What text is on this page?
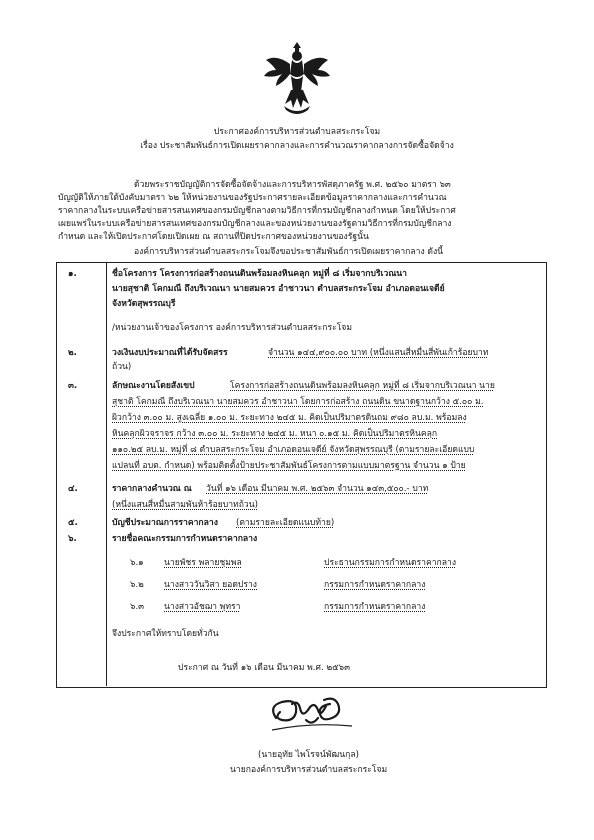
ประกาศองค์การบริหารส่วนตำบลสระกระโจม
เรื่อง ประชาสัมพันธ์การเปิดเผยราคากลางและการคำนวณราคากลางการจัดซื้อจัดจ้าง
ด้วยพระราชบัญญัติการจัดซื้อจัดจ้างและการบริหารพัสดุภาครัฐ พ.ศ. ๒๕๖๐ มาตรา ๖๓
บัญญัติให้ภายใต้บังคับมาตรา ๖๒ ให้หน่วยงานของรัฐประกาศรายละเอียดข้อมูลราคากลางและการคำนวณ
ราคากลางในระบบเครือข่ายสารสนเทศของกรมบัญชีกลางตามวิธีการที่กรมบัญชีกลางกำหนด โดยให้ประกาศ
เผยแพร่ในระบบเครือข่ายสารสนเทศของกรมบัญชีกลางและของหน่วยงานของรัฐตามวิธีการที่กรมบัญชีกลาง
กำหนด และให้เปิดประกาศโดยเปิดเผย ณ สถานที่ปิดประกาศของหน่วยงานของรัฐนั้น
องค์การบริหารส่วนตำบลสระกระโจมจึงขอประชาสัมพันธ์การเปิดเผยราคากลาง ดังนี้
๑.	ชื่อโครงการ โครงการก่อสร้างถนนดินพร้อมลงหินคลุก หมู่ที่ ๘ เริ่มจากบริเวณนา
นายสุชาติ โคกมณี ถึงบริเวณนา นายสมควร อำชาวนา ตำบลสระกระโจม อำเภอดอนเจดีย์
จังหวัดสุพรรณบุรี
/หน่วยงานเจ้าของโครงการ องค์การบริหารส่วนตำบลสระกระโจม
๒.	วงเงินงบประมาณที่ได้รับจัดสรร	จำนวน ๑๔๔,๙๐๐.๐๐ บาท (หนึ่งแสนสี่หมื่นสี่พันเก้าร้อยบาท
ถ้วน)
๓.	ลักษณะงานโดยสังเขป	โครงการก่อสร้างถนนดินพร้อมลงหินคลุก หมู่ที่ ๘ เริ่มจากบริเวณนา นาย
สุชาติ โคกมณี ถึงบริเวณนา นายสมควร อำชาวนา โดยการก่อสร้าง ถนนดิน ขนาดฐานกว้าง ๕.๐๐ ม.
ผิวกว้าง ๓.๐๐ ม. สูงเฉลี่ย ๑.๐๐ ม. ระยะทาง ๒๔๕ ม. คิดเป็นปริมาตรดินถม ๙๘๐ ลบ.ม. พร้อมลง
หินคลุกผิวจราจร กว้าง ๓.๐๐ ม. ระยะทาง ๒๔๕ ม. หนา ๐.๑๕ ม. คิดเป็นปริมาตรหินคลุก
๑๑๐.๒๕ ลบ.ม. หมู่ที่ ๘ ตำบลสระกระโจม อำเภอดอนเจดีย์ จังหวัดสุพรรณบุรี (ตามรายละเอียดแบบ
แปลนที่ อบต. กำหนด) พร้อมติดตั้งป้ายประชาสัมพันธ์โครงการตามแบบมาตรฐาน จำนวน ๑ ป้าย
๔.	ราคากลางคำนวณ ณ วันที่ ๑๖ เดือน มีนาคม พ.ศ. ๒๕๖๓ จำนวน ๑๔๓,๕๐๐.- บาท
(หนึ่งแสนสี่หมื่นสามพันห้าร้อยบาทถ้วน)
๕.	บัญชีประมาณการราคากลาง (ตามรายละเอียดแนบท้าย)
๖.	รายชื่อคณะกรรมการกำหนดราคากลาง
๖.๑ นายพัชร พลายชุมพล	ประธานกรรมการกำหนดราคากลาง
๖.๒ นางสาววันวิสา ยอดปราง	กรรมการกำหนดราคากลาง
๖.๓ นางสาวอัชฌา พุทรา	กรรมการกำหนดราคากลาง
จึงประกาศให้ทราบโดยทั่วกัน
ประกาศ ณ วันที่ ๑๖ เดือน มีนาคม พ.ศ. ๒๕๖๓
(นายอุทัย ไพโรจน์พัฒนกุล)
นายกองค์การบริหารส่วนตำบลสระกระโจม
